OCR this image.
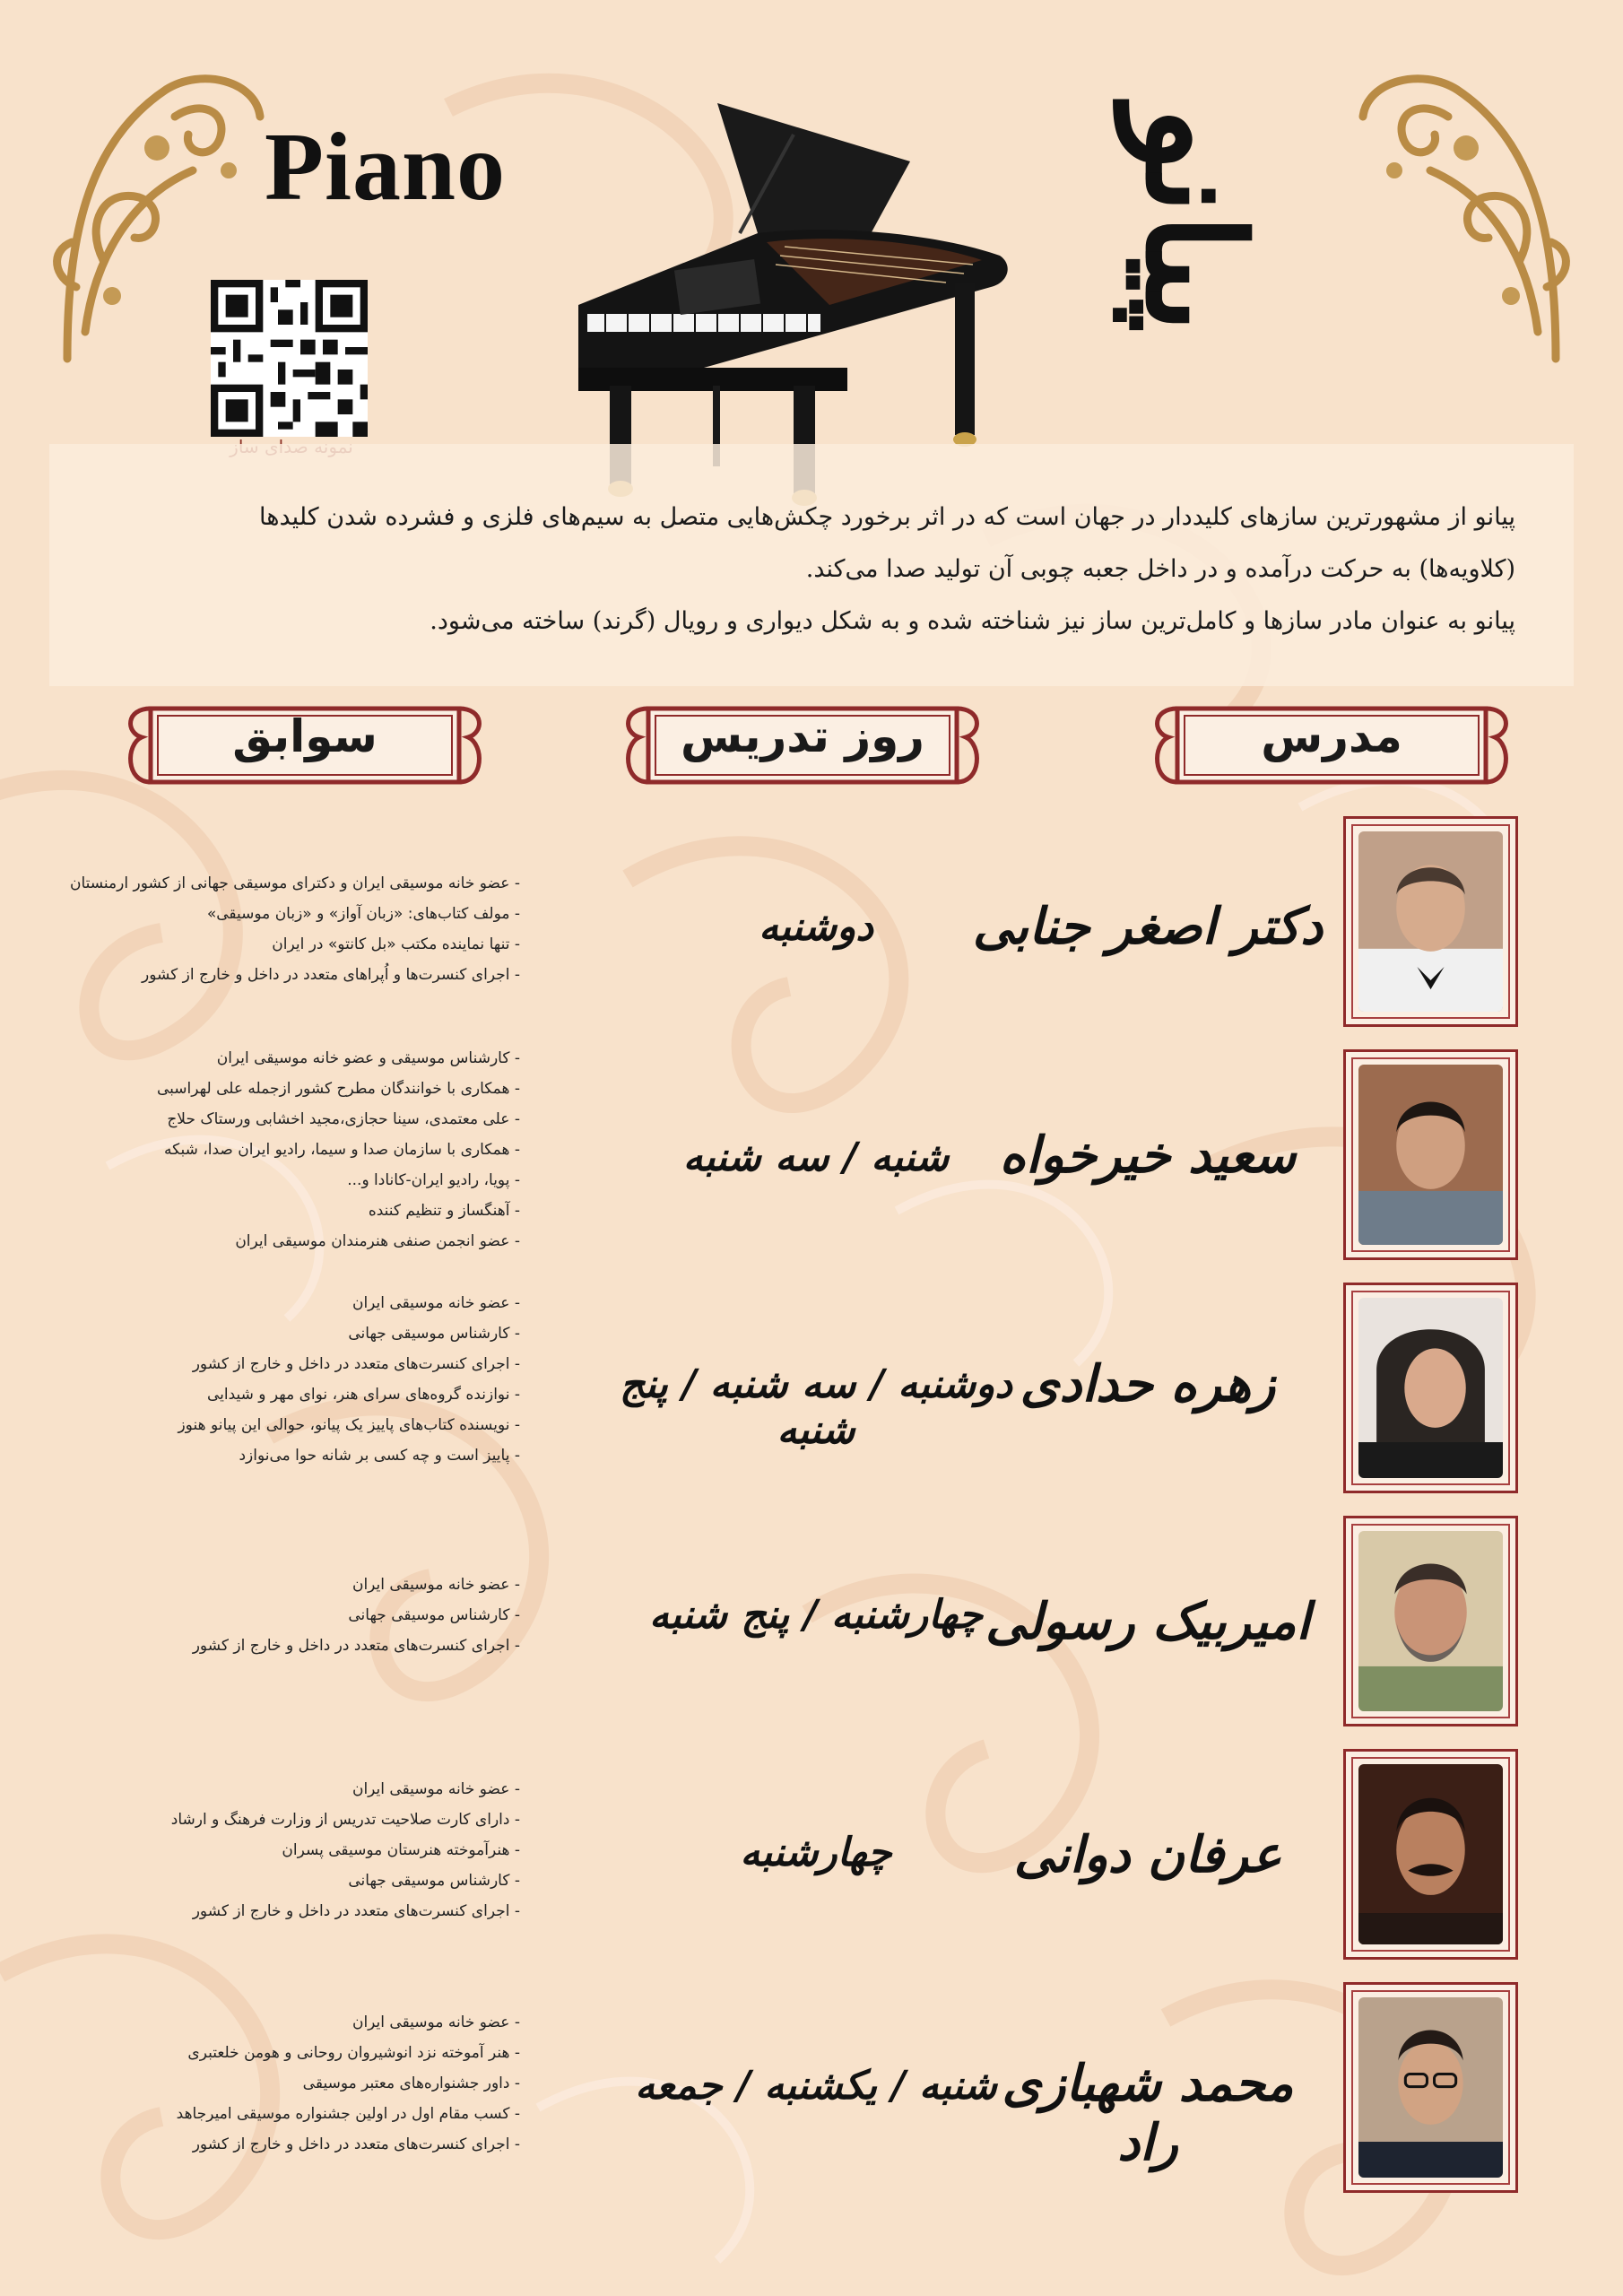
Piano	پیانو

پیانو از مشهورترین سازهای کلیددار در جهان است که در اثر برخورد چکش‌هایی متصل به سیم‌های فلزی و فشرده شدن کلیدها

(کلاویه‌ها) به حرکت درآمده و در داخل جعبه چوبی آن تولید صدا می‌کند.

پیانو به عنوان مادر سازها و کامل‌ترین ساز نیز شناخته شده و به شکل دیواری و رویال (گرند) ساخته می‌شود.

مدرس
روز تدریس
سوابق
دکتر اصغر جنابی
دوشنبه
- عضو خانه موسیقی ایران و دکترای موسیقی جهانی از کشور ارمنستان
- مولف کتاب‌های: «زبان آواز» و «زبان موسیقی»
- تنها نماینده مکتب «بل کانتو» در ایران
- اجرای کنسرت‌ها و اُپراهای متعدد در داخل و خارج از کشور
سعید خیرخواه
شنبه / سه شنبه
- کارشناس موسیقی و عضو خانه موسیقی ایران
- همکاری با خوانندگان مطرح کشور ازجمله علی لهراسبی
- علی معتمدی، سینا حجازی،مجید اخشابی ورستاک حلاج
- همکاری با سازمان صدا و سیما، رادیو ایران صدا، شبکه
- پویا، رادیو ایران-کانادا و...
- آهنگساز و تنظیم کننده
- عضو انجمن صنفی هنرمندان موسیقی ایران
زهره حدادی
دوشنبه / سه شنبه / پنج شنبه
- عضو خانه موسیقی ایران
- کارشناس موسیقی جهانی
- اجرای کنسرت‌های متعدد در داخل و خارج از کشور
- نوازنده گروه‌های سرای هنر، نوای مهر و شیدایی
- نویسنده کتاب‌های پاییز یک پیانو، حوالی این پیانو هنوز
- پاییز است و چه کسی بر شانه حوا می‌نوازد
امیربیک رسولی
چهارشنبه / پنج شنبه
- عضو خانه موسیقی ایران
- کارشناس موسیقی جهانی
- اجرای کنسرت‌های متعدد در داخل و خارج از کشور
عرفان دوانی
چهارشنبه
- عضو خانه موسیقی ایران
- دارای کارت صلاحیت تدریس از وزارت فرهنگ و ارشاد
- هنرآموخته هنرستان موسیقی پسران
- کارشناس موسیقی جهانی
- اجرای کنسرت‌های متعدد در داخل و خارج از کشور
محمد شهبازی راد
شنبه / یکشنبه / جمعه
- عضو خانه موسیقی ایران
- هنر آموخته نزد انوشیروان روحانی و هومن خلعتبری
- داور جشنواره‌های معتبر موسیقی
- کسب مقام اول در اولین جشنواره موسیقی امیرجاهد
- اجرای کنسرت‌های متعدد در داخل و خارج از کشور
